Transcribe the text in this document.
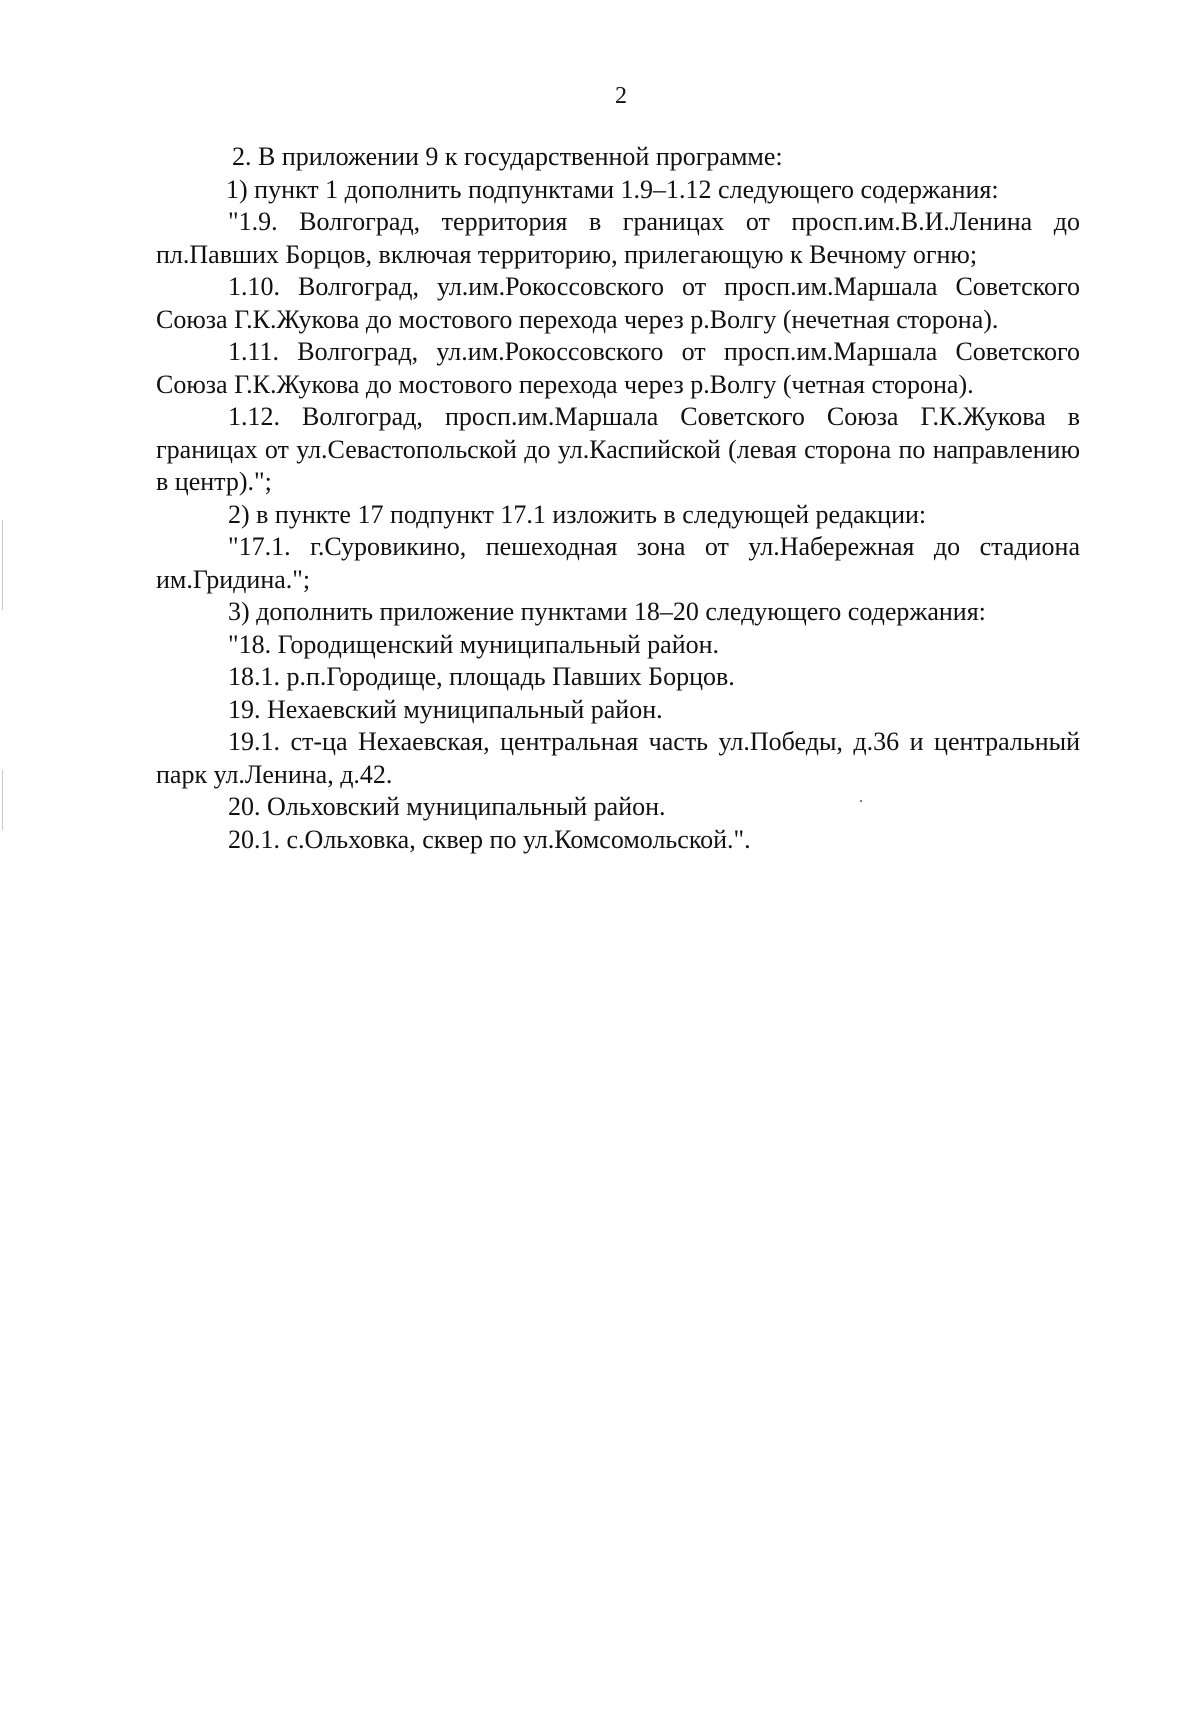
2

2. В приложении 9 к государственной программе:

1) пункт 1 дополнить подпунктами 1.9–1.12 следующего содержания:

"1.9. Волгоград, территория в границах от просп.им.В.И.Ленина до пл.Павших Борцов, включая территорию, прилегающую к Вечному огню;

1.10. Волгоград, ул.им.Рокоссовского от просп.им.Маршала Советского Союза Г.К.Жукова до мостового перехода через р.Волгу (нечетная сторона).

1.11. Волгоград, ул.им.Рокоссовского от просп.им.Маршала Советского Союза Г.К.Жукова до мостового перехода через р.Волгу (четная сторона).

1.12. Волгоград, просп.им.Маршала Советского Союза Г.К.Жукова в границах от ул.Севастопольской до ул.Каспийской (левая сторона по направлению в центр).";

2) в пункте 17 подпункт 17.1 изложить в следующей редакции:

"17.1. г.Суровикино, пешеходная зона от ул.Набережная до стадиона им.Гридина.";

3) дополнить приложение пунктами 18–20 следующего содержания:

"18. Городищенский муниципальный район.

18.1. р.п.Городище, площадь Павших Борцов.

19. Нехаевский муниципальный район.

19.1. ст-ца Нехаевская, центральная часть ул.Победы, д.36 и центральный парк ул.Ленина, д.42.

20. Ольховский муниципальный район.

20.1. с.Ольховка, сквер по ул.Комсомольской.".
